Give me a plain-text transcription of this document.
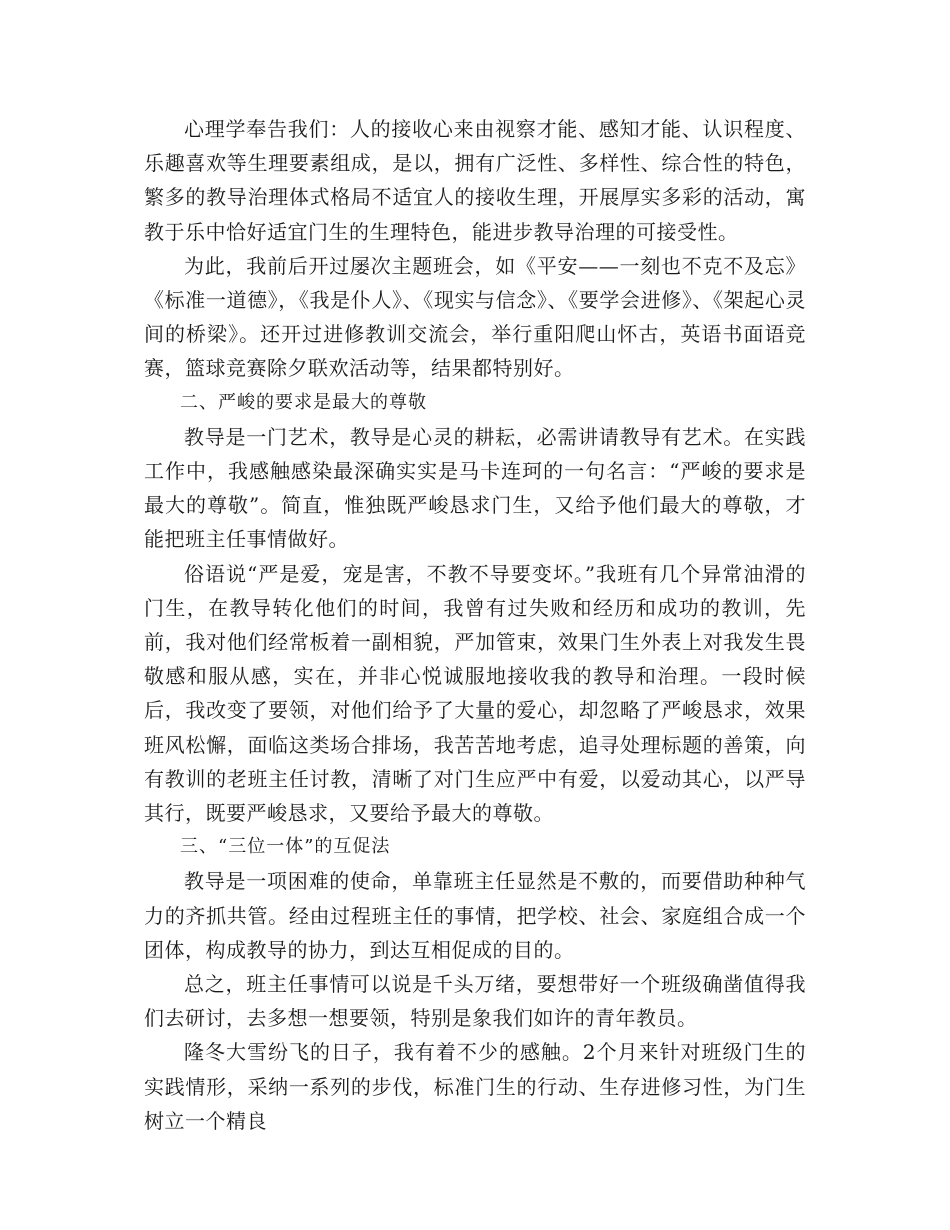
心理学奉告我们：人的接收心来由视察才能、感知才能、认识程度、乐趣喜欢等生理要素组成，是以，拥有广泛性、多样性、综合性的特色，繁多的教导治理体式格局不适宜人的接收生理，开展厚实多彩的活动，寓教于乐中恰好适宜门生的生理特色，能进步教导治理的可接受性。

为此，我前后开过屡次主题班会，如《平安——一刻也不克不及忘》《标准一道德》，《我是仆人》、《现实与信念》、《要学会进修》、《架起心灵间的桥梁》。还开过进修教训交流会，举行重阳爬山怀古，英语书面语竞赛，篮球竞赛除夕联欢活动等，结果都特别好。

二、严峻的要求是最大的尊敬

教导是一门艺术，教导是心灵的耕耘，必需讲请教导有艺术。在实践工作中，我感触感染最深确实实是马卡连珂的一句名言：“严峻的要求是最大的尊敬”。简直，惟独既严峻恳求门生，又给予他们最大的尊敬，才能把班主任事情做好。

俗语说“严是爱，宠是害，不教不导要变坏。”我班有几个异常油滑的门生，在教导转化他们的时间，我曾有过失败和经历和成功的教训，先前，我对他们经常板着一副相貌，严加管束，效果门生外表上对我发生畏敬感和服从感，实在，并非心悦诚服地接收我的教导和治理。一段时候后，我改变了要领，对他们给予了大量的爱心，却忽略了严峻恳求，效果班风松懈，面临这类场合排场，我苦苦地考虑，追寻处理标题的善策，向有教训的老班主任讨教，清晰了对门生应严中有爱，以爱动其心，以严导其行，既要严峻恳求，又要给予最大的尊敬。

三、“三位一体”的互促法

教导是一项困难的使命，单靠班主任显然是不敷的，而要借助种种气力的齐抓共管。经由过程班主任的事情，把学校、社会、家庭组合成一个团体，构成教导的协力，到达互相促成的目的。

总之，班主任事情可以说是千头万绪，要想带好一个班级确凿值得我们去研讨，去多想一想要领，特别是象我们如许的青年教员。

隆冬大雪纷飞的日子，我有着不少的感触。2个月来针对班级门生的实践情形，采纳一系列的步伐，标准门生的行动、生存进修习性，为门生树立一个精良
